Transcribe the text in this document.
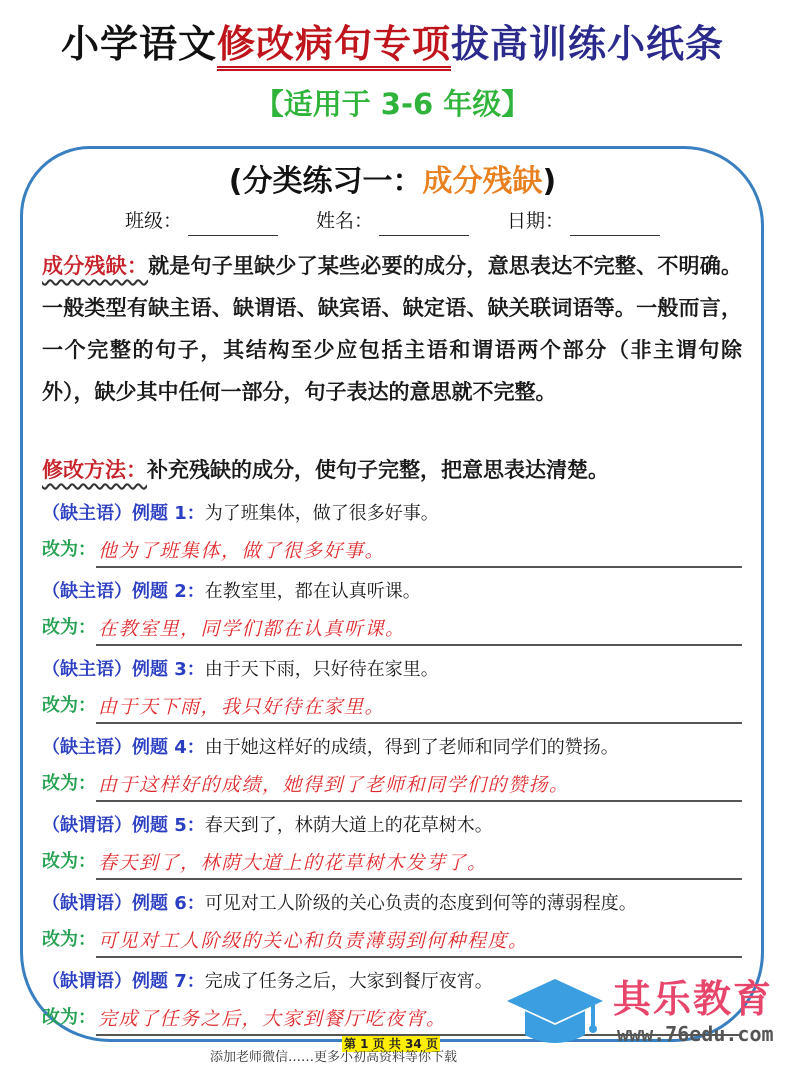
小学语文修改病句专项拔高训练小纸条
【适用于 3-6 年级】
(分类练习一：成分残缺)
班级：	姓名：	日期：
成分残缺：就是句子里缺少了某些必要的成分，意思表达不完整、不明确。一般类型有缺主语、缺谓语、缺宾语、缺定语、缺关联词语等。一般而言，一个完整的句子，其结构至少应包括主语和谓语两个部分（非主谓句除外），缺少其中任何一部分，句子表达的意思就不完整。
修改方法：补充残缺的成分，使句子完整，把意思表达清楚。
（缺主语）例题 1：为了班集体，做了很多好事。
改为： 他为了班集体，做了很多好事。
（缺主语）例题 2：在教室里，都在认真听课。
改为： 在教室里，同学们都在认真听课。
（缺主语）例题 3：由于天下雨，只好待在家里。
改为： 由于天下雨，我只好待在家里。
（缺主语）例题 4：由于她这样好的成绩，得到了老师和同学们的赞扬。
改为： 由于这样好的成绩，她得到了老师和同学们的赞扬。
（缺谓语）例题 5：春天到了，林荫大道上的花草树木。
改为： 春天到了，林荫大道上的花草树木发芽了。
（缺谓语）例题 6：可见对工人阶级的关心负责的态度到何等的薄弱程度。
改为： 可见对工人阶级的关心和负责薄弱到何种程度。
（缺谓语）例题 7：完成了任务之后，大家到餐厅夜宵。
改为： 完成了任务之后，大家到餐厅吃夜宵。	其乐教育
www.76edu.com
第 1 页 共 34 页
添加老师微信……更多小初高资料等你下载
